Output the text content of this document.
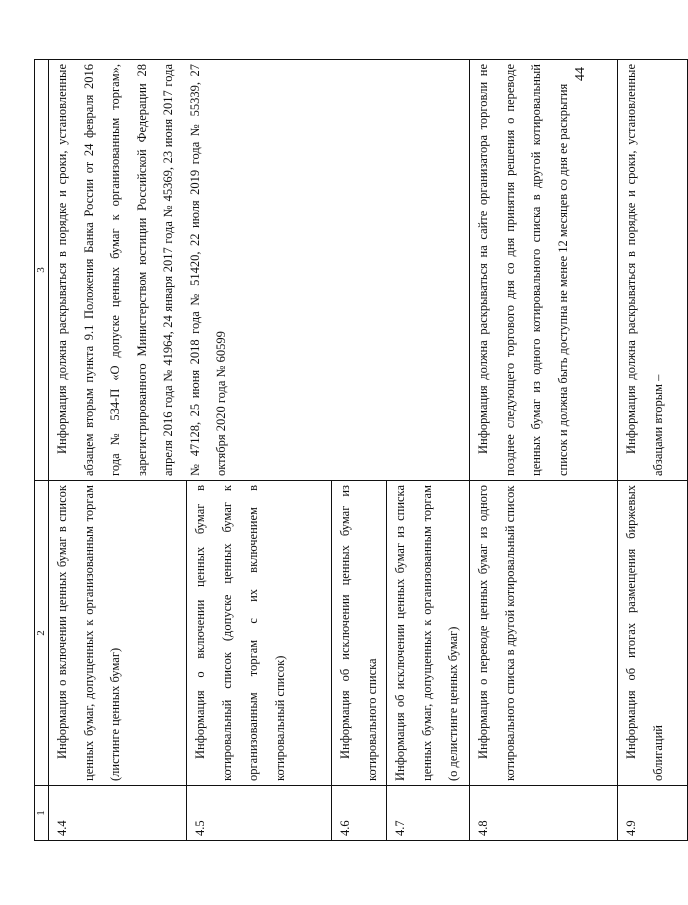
44
1	2	3
4.4	Информация о включении ценных бумаг в список ценных бумаг, допущенных к организованным торгам (листинге ценных бумаг)	Информация должна раскрываться в порядке и сроки, установленные абзацем вторым пункта 9.1 Положения Банка России от 24 февраля 2016 года № 534-П «О допуске ценных бумаг к организованным торгам», зарегистрированного Министерством юстиции Российской Федерации 28 апреля 2016 года № 41964, 24 января 2017 года № 45369, 23 июня 2017 года № 47128, 25 июня 2018 года № 51420, 22 июля 2019 года № 55339, 27 октября 2020 года № 60599
4.5	Информация о включении ценных бумаг в котировальный список (допуске ценных бумаг к организованным торгам с их включением в котировальный список)	
4.6	Информация об исключении ценных бумаг из котировального списка	
4.7	Информация об исключении ценных бумаг из списка ценных бумаг, допущенных к организованным торгам (о делистинге ценных бумаг)	
4.8	Информация о переводе ценных бумаг из одного котировального списка в другой котировальный список	Информация должна раскрываться на сайте организатора торговли не позднее следующего торгового дня со дня принятия решения о переводе ценных бумаг из одного котировального списка в другой котировальный список и должна быть доступна не менее 12 месяцев со дня ее раскрытия
4.9	Информация об итогах размещения биржевых облигаций	Информация должна раскрываться в порядке и сроки, установленные абзацами вторым –
